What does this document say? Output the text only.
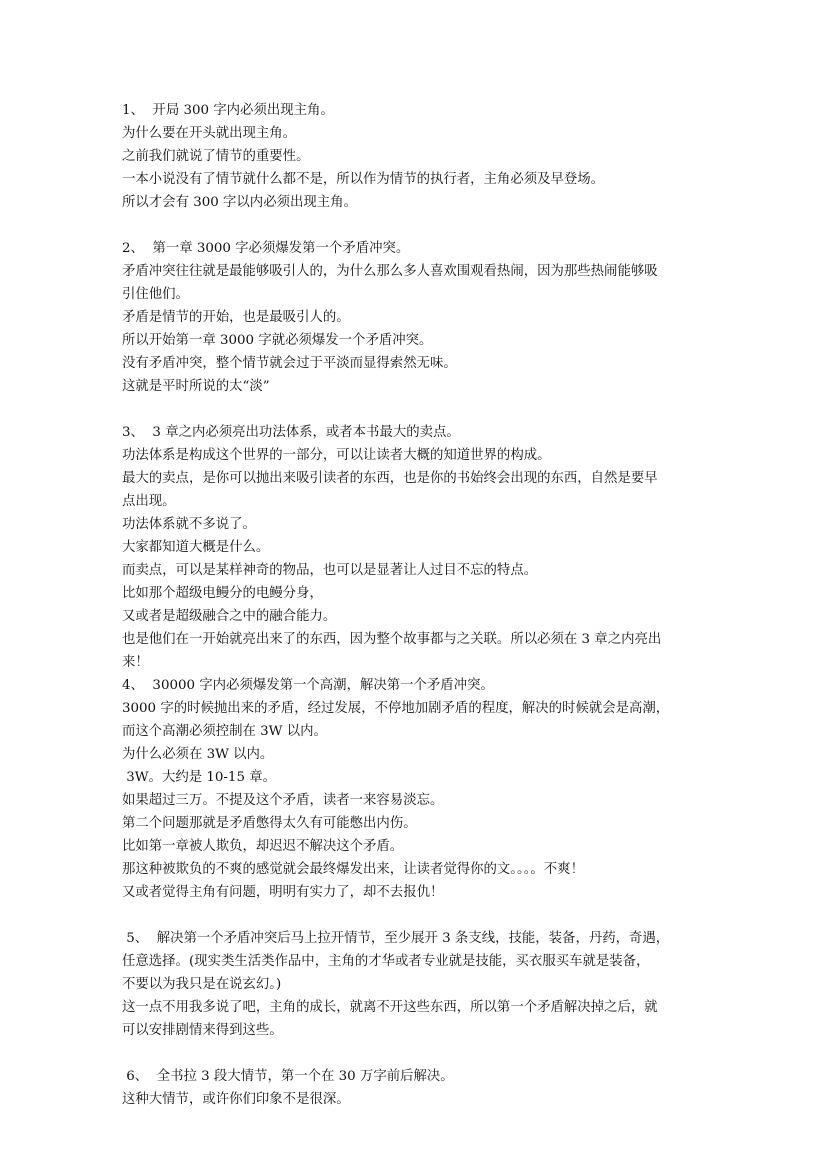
1、  开局 300 字内必须出现主角。
为什么要在开头就出现主角。
之前我们就说了情节的重要性。
一本小说没有了情节就什么都不是，所以作为情节的执行者，主角必须及早登场。
所以才会有 300 字以内必须出现主角。
2、  第一章 3000 字必须爆发第一个矛盾冲突。
矛盾冲突往往就是最能够吸引人的，为什么那么多人喜欢围观看热闹，因为那些热闹能够吸
引住他们。
矛盾是情节的开始，也是最吸引人的。
所以开始第一章 3000 字就必须爆发一个矛盾冲突。
没有矛盾冲突，整个情节就会过于平淡而显得索然无味。
这就是平时所说的太“淡”
3、  3 章之内必须亮出功法体系，或者本书最大的卖点。
功法体系是构成这个世界的一部分，可以让读者大概的知道世界的构成。
最大的卖点，是你可以抛出来吸引读者的东西，也是你的书始终会出现的东西，自然是要早
点出现。
功法体系就不多说了。
大家都知道大概是什么。
而卖点，可以是某样神奇的物品，也可以是显著让人过目不忘的特点。
比如那个超级电鳗分的电鳗分身，
又或者是超级融合之中的融合能力。
也是他们在一开始就亮出来了的东西，因为整个故事都与之关联。所以必须在 3 章之内亮出
来！
4、  30000 字内必须爆发第一个高潮，解决第一个矛盾冲突。
3000 字的时候抛出来的矛盾，经过发展，不停地加剧矛盾的程度，解决的时候就会是高潮，
而这个高潮必须控制在 3W 以内。
为什么必须在 3W 以内。
3W。大约是 10-15 章。
如果超过三万。不提及这个矛盾，读者一来容易淡忘。
第二个问题那就是矛盾憋得太久有可能憋出内伤。
比如第一章被人欺负，却迟迟不解决这个矛盾。
那这种被欺负的不爽的感觉就会最终爆发出来，让读者觉得你的文。。。。不爽！
又或者觉得主角有问题，明明有实力了，却不去报仇！
5、  解决第一个矛盾冲突后马上拉开情节，至少展开 3 条支线，技能，装备，丹药，奇遇，
任意选择。(现实类生活类作品中，主角的才华或者专业就是技能，买衣服买车就是装备，
不要以为我只是在说玄幻。)
这一点不用我多说了吧，主角的成长，就离不开这些东西，所以第一个矛盾解决掉之后，就
可以安排剧情来得到这些。
6、  全书拉 3 段大情节，第一个在 30 万字前后解决。
这种大情节，或许你们印象不是很深。
